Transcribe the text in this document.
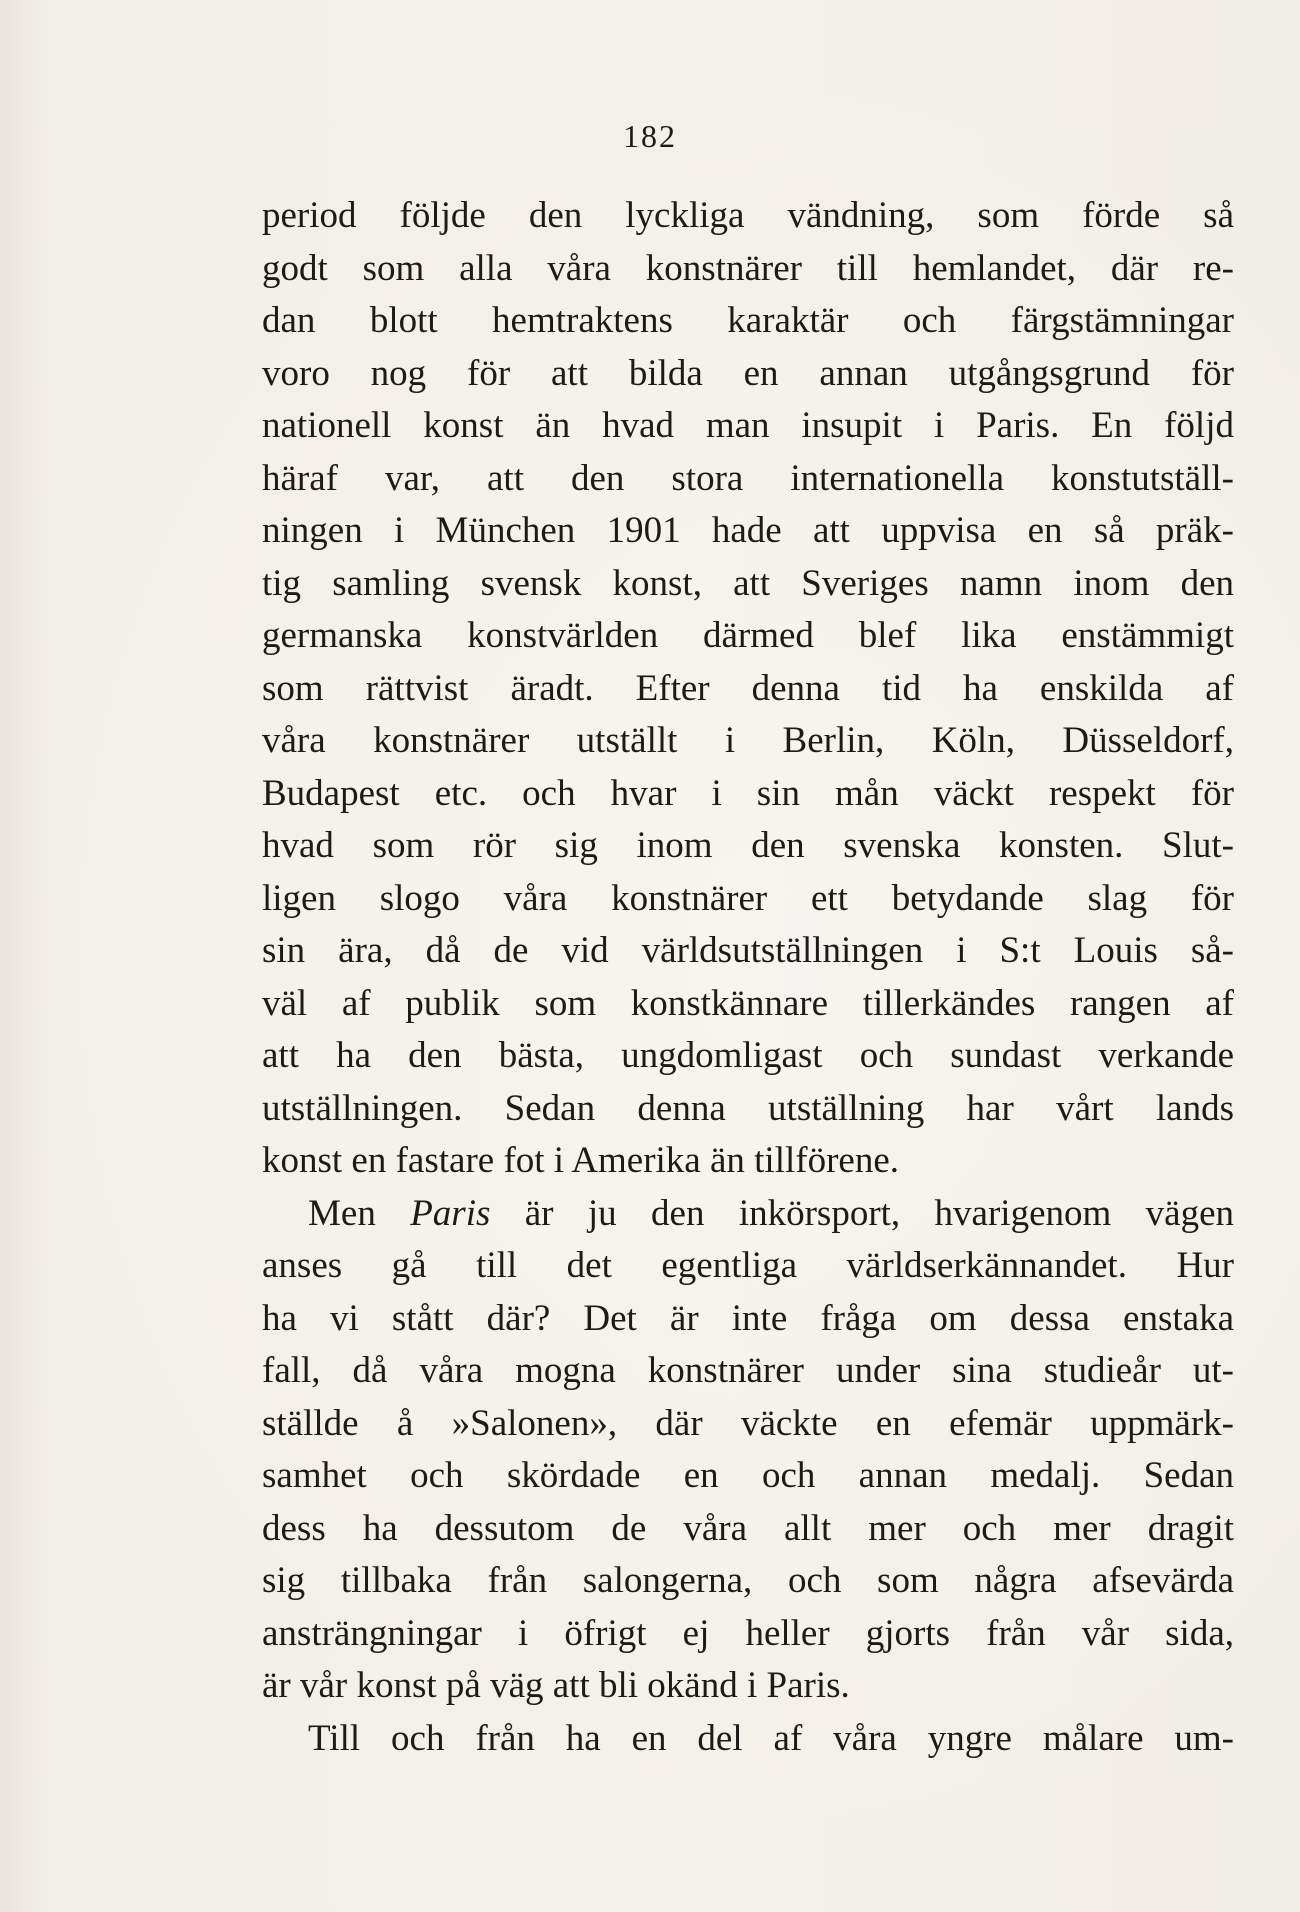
182
period följde den lyckliga vändning, som förde så
godt som alla våra konstnärer till hemlandet, där re-
dan blott hemtraktens karaktär och färgstämningar
voro nog för att bilda en annan utgångsgrund för
nationell konst än hvad man insupit i Paris. En följd
häraf var, att den stora internationella konstutställ-
ningen i München 1901 hade att uppvisa en så präk-
tig samling svensk konst, att Sveriges namn inom den
germanska konstvärlden därmed blef lika enstämmigt
som rättvist äradt. Efter denna tid ha enskilda af
våra konstnärer utställt i Berlin, Köln, Düsseldorf,
Budapest etc. och hvar i sin mån väckt respekt för
hvad som rör sig inom den svenska konsten. Slut-
ligen slogo våra konstnärer ett betydande slag för
sin ära, då de vid världsutställningen i S:t Louis så-
väl af publik som konstkännare tillerkändes rangen af
att ha den bästa, ungdomligast och sundast verkande
utställningen. Sedan denna utställning har vårt lands
konst en fastare fot i Amerika än tillförene.
Men Paris är ju den inkörsport, hvarigenom vägen
anses gå till det egentliga världserkännandet. Hur
ha vi stått där? Det är inte fråga om dessa enstaka
fall, då våra mogna konstnärer under sina studieår ut-
ställde å »Salonen», där väckte en efemär uppmärk-
samhet och skördade en och annan medalj. Sedan
dess ha dessutom de våra allt mer och mer dragit
sig tillbaka från salongerna, och som några afsevärda
ansträngningar i öfrigt ej heller gjorts från vår sida,
är vår konst på väg att bli okänd i Paris.
Till och från ha en del af våra yngre målare um-
